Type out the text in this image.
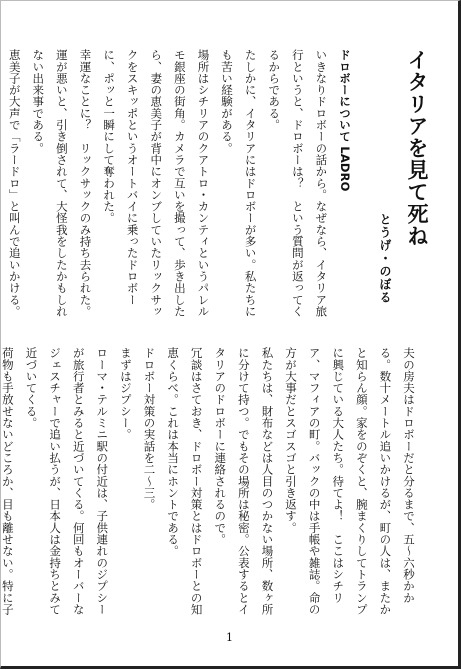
イタリアを見て死ね
とうげ・のぼる

ドロボーについて LADRO

いきなりドロボーの話から。なぜなら、イタリア旅行というと、ドロボーは？　という質問が返ってくるからである。

たしかに、イタリアにはドロボーが多い。私たちにも苦い経験がある。

場所はシチリアのクアトロ・カンティというパレルモ銀座の街角。カメラで互いを撮って、歩き出したら、妻の恵美子が背中にオンブしていたリックサックをスキッポというオートバイに乗ったドロボーに、ポッと一瞬にして奪われた。

幸運なことに？　リックサックのみ持ち去られた。運が悪いと、引き倒されて、大怪我をしたかもしれない出来事である。

恵美子が大声で「ラードロ」と叫んで追いかける。

夫の房夫はドロボーだと分るまで、五～六秒かかる。数十メートル追いかけるが、町の人は、またかと知らん顔。家をのぞくと、腕まくりしてトランプに興じている大人たち。待てよ！　ここはシチリア、マフィアの町。バックの中は手帳や雑誌。命の方が大事だとスゴスゴと引き返す。

私たちは、財布などは人目のつかない場所、数ヶ所に分けて持つ。でもその場所は秘密。公表するとイタリアのドロボーに連絡されるので。

冗談はさておき、ドロボー対策とはドロボーとの知恵くらべ。これは本当にホントである。

ドロボー対策の実話を二～三。

まずはジプシー。

ローマ・テルミニ駅の付近は、子供連れのジプシーが旅行者とみると近づいてくる。何回もオーバーなジェスチャーで追い払うが、日本人は金持ちとみて近づいてくる。

荷物も手放せないどころか、目も離せない。特に子

1
